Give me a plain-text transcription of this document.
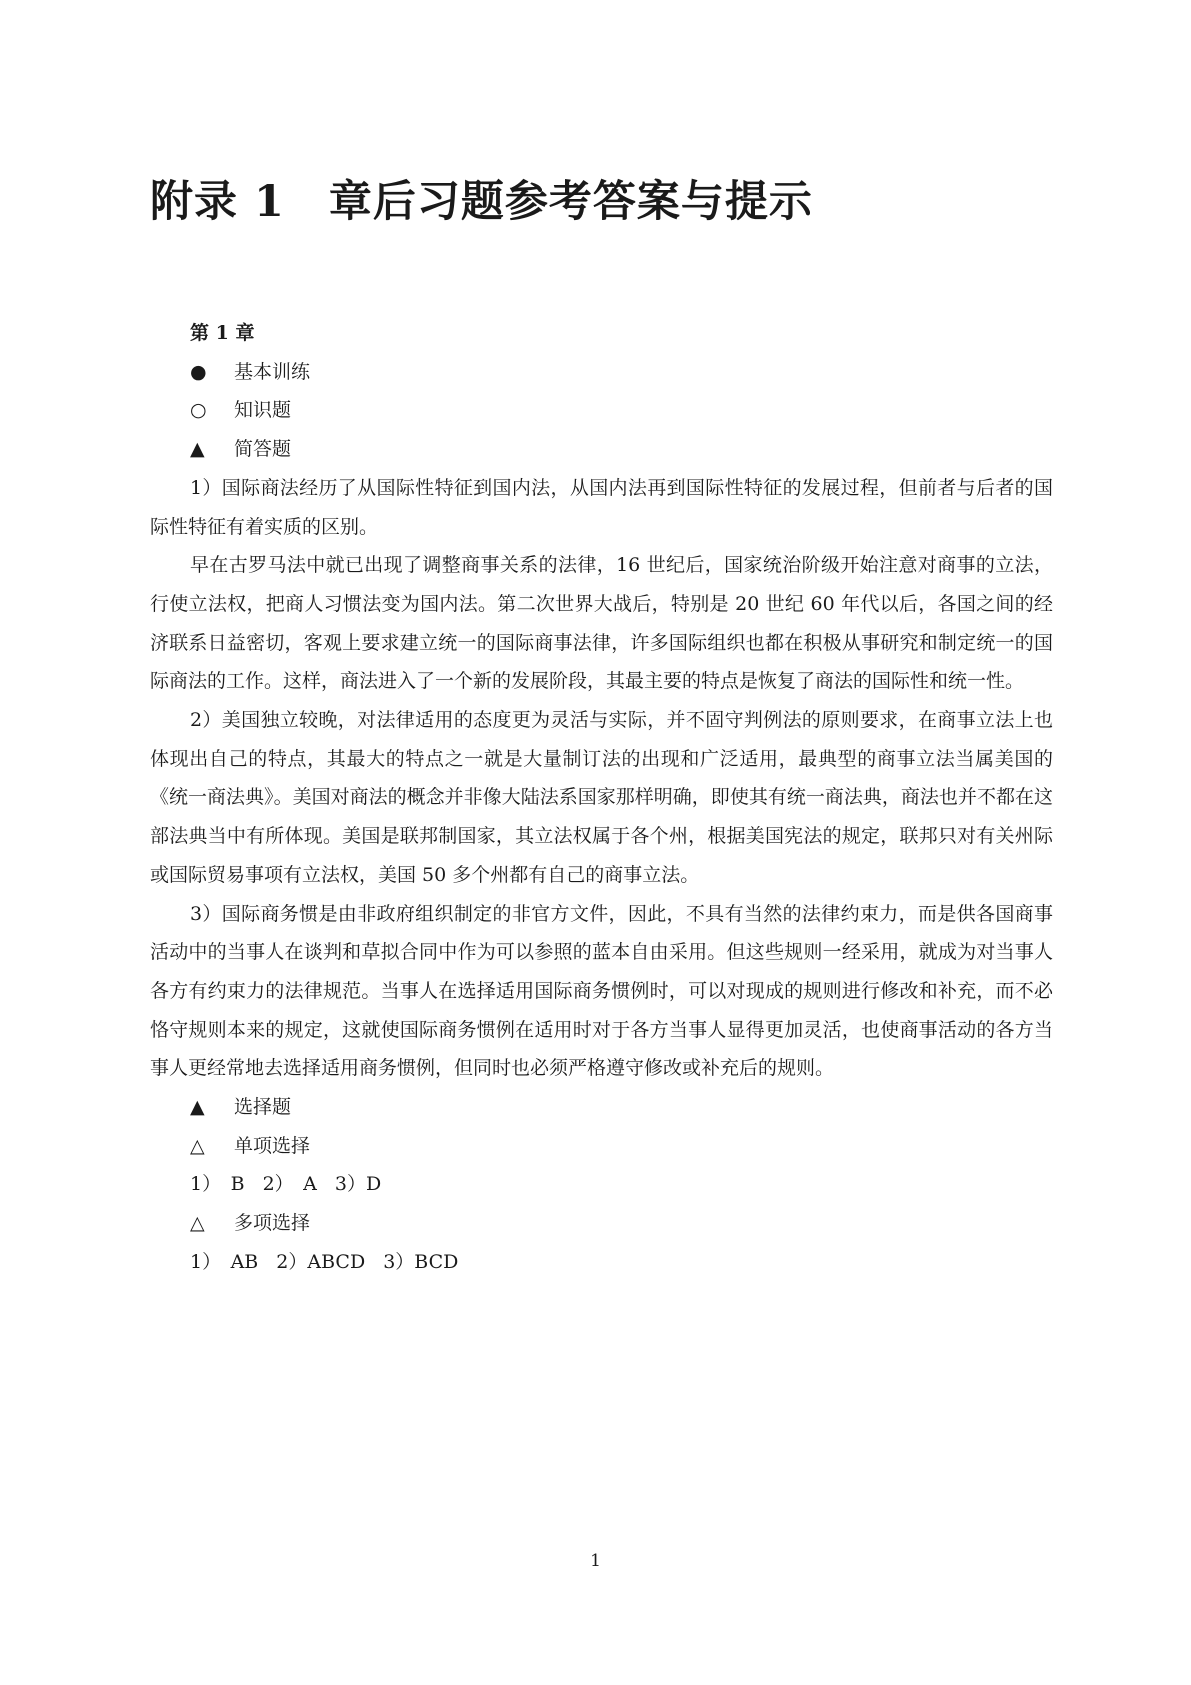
附录 1　章后习题参考答案与提示

第 1 章

● 基本训练

○ 知识题

▲ 简答题

1）国际商法经历了从国际性特征到国内法，从国内法再到国际性特征的发展过程，但前者与后者的国际性特征有着实质的区别。

早在古罗马法中就已出现了调整商事关系的法律，16 世纪后，国家统治阶级开始注意对商事的立法，行使立法权，把商人习惯法变为国内法。第二次世界大战后，特别是 20 世纪 60 年代以后，各国之间的经济联系日益密切，客观上要求建立统一的国际商事法律，许多国际组织也都在积极从事研究和制定统一的国际商法的工作。这样，商法进入了一个新的发展阶段，其最主要的特点是恢复了商法的国际性和统一性。

2）美国独立较晚，对法律适用的态度更为灵活与实际，并不固守判例法的原则要求，在商事立法上也体现出自己的特点，其最大的特点之一就是大量制订法的出现和广泛适用，最典型的商事立法当属美国的《统一商法典》。美国对商法的概念并非像大陆法系国家那样明确，即使其有统一商法典，商法也并不都在这部法典当中有所体现。美国是联邦制国家，其立法权属于各个州，根据美国宪法的规定，联邦只对有关州际或国际贸易事项有立法权，美国 50 多个州都有自己的商事立法。

3）国际商务惯是由非政府组织制定的非官方文件，因此，不具有当然的法律约束力，而是供各国商事活动中的当事人在谈判和草拟合同中作为可以参照的蓝本自由采用。但这些规则一经采用，就成为对当事人各方有约束力的法律规范。当事人在选择适用国际商务惯例时，可以对现成的规则进行修改和补充，而不必恪守规则本来的规定，这就使国际商务惯例在适用时对于各方当事人显得更加灵活，也使商事活动的各方当事人更经常地去选择适用商务惯例，但同时也必须严格遵守修改或补充后的规则。

▲ 选择题

△ 单项选择

1）　B 2）　A 3）D

△ 多项选择

1）　AB 2）ABCD 3）BCD

1
